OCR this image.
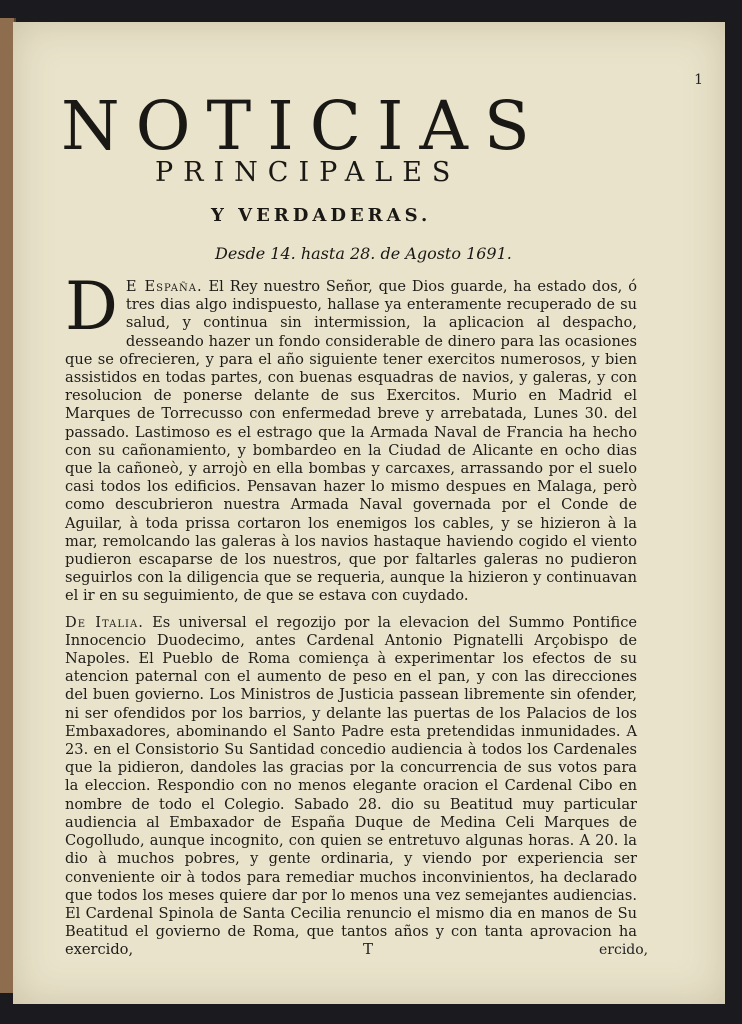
1
NOTICIAS
PRINCIPALES
Y VERDADERAS.
Desde 14. hasta 28. de Agosto 1691.

D E España. El Rey nuestro Señor, que Dios guarde, ha estado dos, ó tres dias algo indispuesto, hallase ya enteramente recuperado de su salud, y continua sin intermission, la aplicacion al despacho, desseando hazer un fondo considerable de dinero para las ocasiones que se ofrecieren, y para el año siguiente tener exercitos numerosos, y bien assistidos en todas partes, con buenas esquadras de navios, y galeras, y con resolucion de ponerse delante de sus Exercitos. Murio en Madrid el Marques de Torrecusso con enfermedad breve y arrebatada, Lunes 30. del passado. Lastimoso es el estrago que la Armada Naval de Francia ha hecho con su cañonamiento, y bombardeo en la Ciudad de Alicante en ocho dias que la cañoneò, y arrojò en ella bombas y carcaxes, arrassando por el suelo casi todos los edificios. Pensavan hazer lo mismo despues en Malaga, però como descubrieron nuestra Armada Naval governada por el Conde de Aguilar, à toda prissa cortaron los enemigos los cables, y se hizieron à la mar, remolcando las galeras à los navios hastaque haviendo cogido el viento pudieron escaparse de los nuestros, que por faltarles galeras no pudieron seguirlos con la diligencia que se requeria, aunque la hizieron y continuavan el ir en su seguimiento, de que se estava con cuydado.

De Italia. Es universal el regozijo por la elevacion del Summo Pontifice Innocencio Duodecimo, antes Cardenal Antonio Pignatelli Arçobispo de Napoles. El Pueblo de Roma comiença à experimentar los efectos de su atencion paternal con el aumento de peso en el pan, y con las direcciones del buen govierno. Los Ministros de Justicia passean libremente sin ofender, ni ser ofendidos por los barrios, y delante las puertas de los Palacios de los Embaxadores, abominando el Santo Padre esta pretendidas inmunidades. A 23. en el Consistorio Su Santidad concedio audiencia à todos los Cardenales que la pidieron, dandoles las gracias por la concurrencia de sus votos para la eleccion. Respondio con no menos elegante oracion el Cardenal Cibo en nombre de todo el Colegio. Sabado 28. dio su Beatitud muy particular audiencia al Embaxador de España Duque de Medina Celi Marques de Cogolludo, aunque incognito, con quien se entretuvo algunas horas. A 20. la dio à muchos pobres, y gente ordinaria, y viendo por experiencia ser conveniente oir à todos para remediar muchos inconvinientos, ha declarado que todos los meses quiere dar por lo menos una vez semejantes audiencias. El Cardenal Spinola de Santa Cecilia renuncio el mismo dia en manos de Su Beatitud el govierno de Roma, que tantos años y con tanta aprovacion ha exercido,	T	ercido,
